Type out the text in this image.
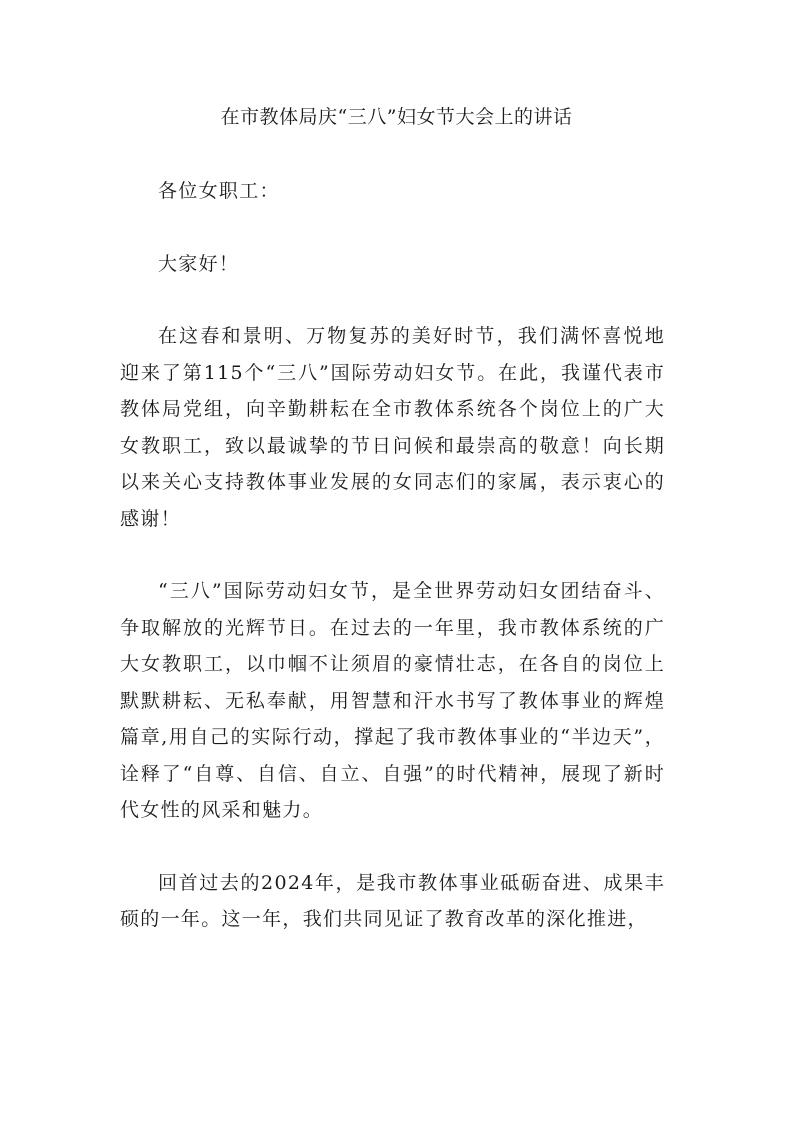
在市教体局庆“三八”妇女节大会上的讲话

各位女职工：

大家好！

在这春和景明、万物复苏的美好时节，我们满怀喜悦地迎来了第115个“三八”国际劳动妇女节。在此，我谨代表市教体局党组，向辛勤耕耘在全市教体系统各个岗位上的广大女教职工，致以最诚挚的节日问候和最崇高的敬意！向长期以来关心支持教体事业发展的女同志们的家属，表示衷心的感谢！

“三八”国际劳动妇女节，是全世界劳动妇女团结奋斗、争取解放的光辉节日。在过去的一年里，我市教体系统的广大女教职工，以巾帼不让须眉的豪情壮志，在各自的岗位上默默耕耘、无私奉献，用智慧和汗水书写了教体事业的辉煌篇章,用自己的实际行动，撑起了我市教体事业的“半边天”，诠释了“自尊、自信、自立、自强”的时代精神，展现了新时代女性的风采和魅力。

回首过去的2024年，是我市教体事业砥砺奋进、成果丰硕的一年。这一年，我们共同见证了教育改革的深化推进，
